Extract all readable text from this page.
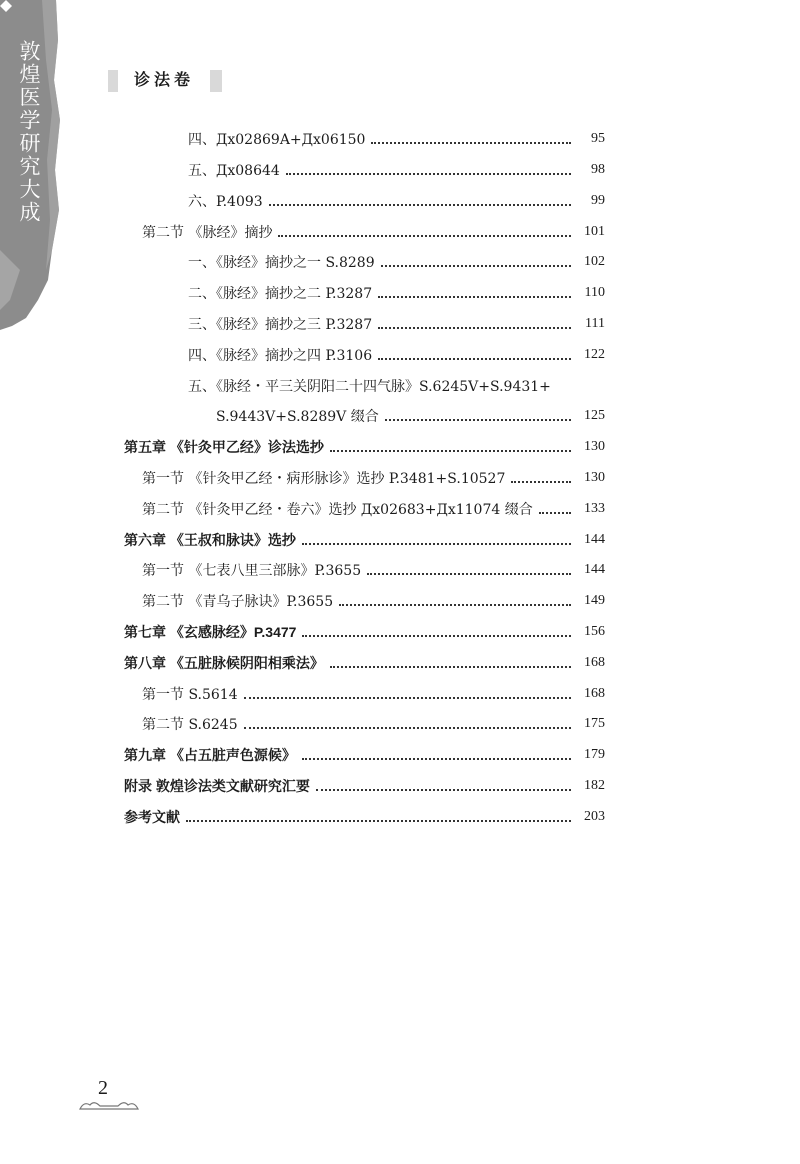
敦煌医学研究大成	诊法卷
四、Дх02869A+Дх06150	95
五、Дх08644	98
六、P.4093	99
第二节 《脉经》摘抄	101
一、《脉经》摘抄之一 S.8289	102
二、《脉经》摘抄之二 P.3287	110
三、《脉经》摘抄之三 P.3287	111
四、《脉经》摘抄之四 P.3106	122
五、《脉经・平三关阴阳二十四气脉》S.6245V+S.9431+
S.9443V+S.8289V 缀合	125
第五章 《针灸甲乙经》诊法选抄	130
第一节 《针灸甲乙经・病形脉诊》选抄 P.3481+S.10527	130
第二节 《针灸甲乙经・卷六》选抄 Дх02683+Дх11074 缀合	133
第六章 《王叔和脉诀》选抄	144
第一节 《七表八里三部脉》P.3655	144
第二节 《青乌子脉诀》P.3655	149
第七章 《玄感脉经》P.3477	156
第八章 《五脏脉候阴阳相乘法》	168
第一节 S.5614	168
第二节 S.6245	175
第九章 《占五脏声色源候》	179
附录 敦煌诊法类文献研究汇要	182
参考文献	203
2
